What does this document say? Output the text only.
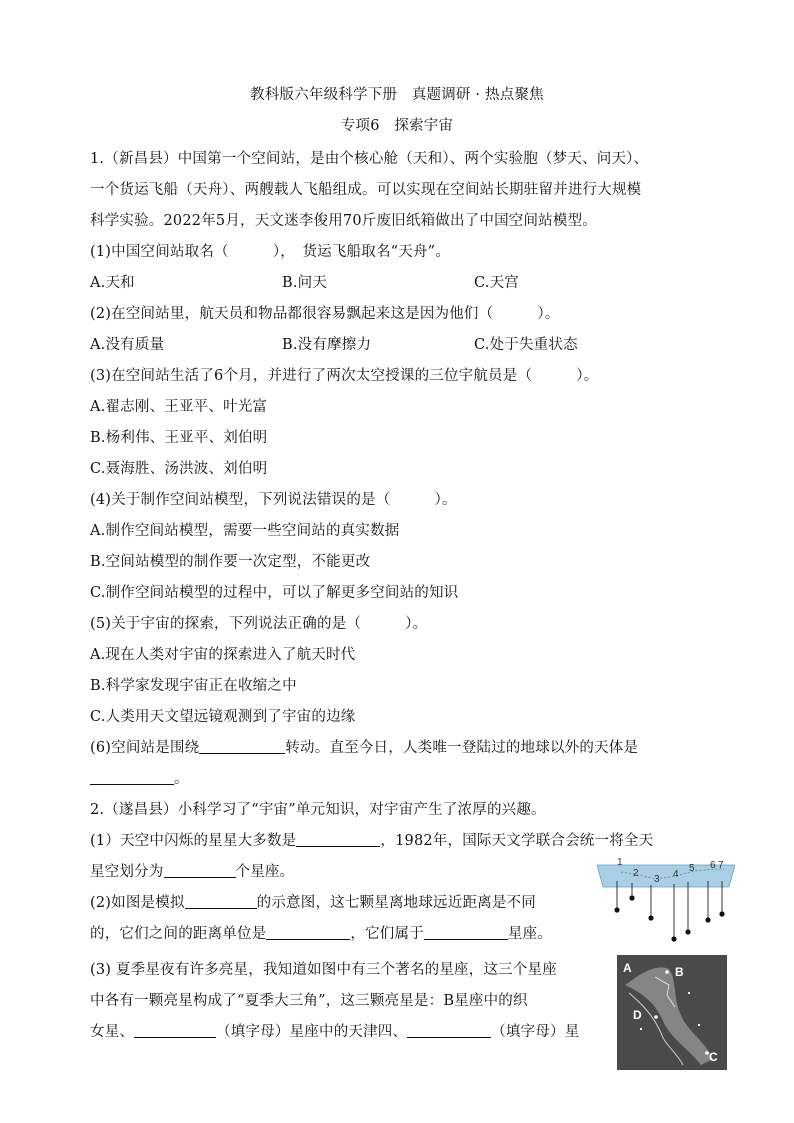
教科版六年级科学下册　真题调研 · 热点聚焦
专项6　探索宇宙
1.（新昌县）中国第一个空间站，是由个核心舱（天和）、两个实验胞（梦天、问天）、
一个货运飞船（天舟）、两艘载人飞船组成。可以实现在空间站长期驻留并进行大规模
科学实验。2022年5月，天文迷李俊用70斤废旧纸箱做出了中国空间站模型。
(1)中国空间站取名（　　　），　货运飞船取名“天舟”。
A.天和	B.问天	C.天宫
(2)在空间站里，航天员和物品都很容易飘起来这是因为他们（　　　）。
A.没有质量	B.没有摩擦力	C.处于失重状态
(3)在空间站生活了6个月，并进行了两次太空授课的三位宇航员是（　　　）。
A.翟志刚、王亚平、叶光富
B.杨利伟、王亚平、刘伯明
C.聂海胜、汤洪波、刘伯明
(4)关于制作空间站模型，下列说法错误的是（　　　）。
A.制作空间站模型，需要一些空间站的真实数据
B.空间站模型的制作要一次定型，不能更改
C.制作空间站模型的过程中，可以了解更多空间站的知识
(5)关于宇宙的探索，下列说法正确的是（　　　）。
A.现在人类对宇宙的探索进入了航天时代
B.科学家发现宇宙正在收缩之中
C.人类用天文望远镜观测到了宇宙的边缘
(6)空间站是围绕	转动。直至今日，人类唯一登陆过的地球以外的天体是
。
2.（遂昌县）小科学习了“宇宙”单元知识，对宇宙产生了浓厚的兴趣。
(1）天空中闪烁的星星大多数是	，1982年，国际天文学联合会统一将全天
星空划分为	个星座。
(2)如图是模拟	的示意图，这七颗星离地球远近距离是不同
的，它们之间的距离单位是	，它们属于	星座。
(3) 夏季星夜有许多亮星，我知道如图中有三个著名的星座，这三个星座
中各有一颗亮星构成了“夏季大三角”，这三颗亮星是：B星座中的织
女星、	（填字母）星座中的天津四、	（填字母）星
1
2
3 4
5 6 7
A	B
C
D
